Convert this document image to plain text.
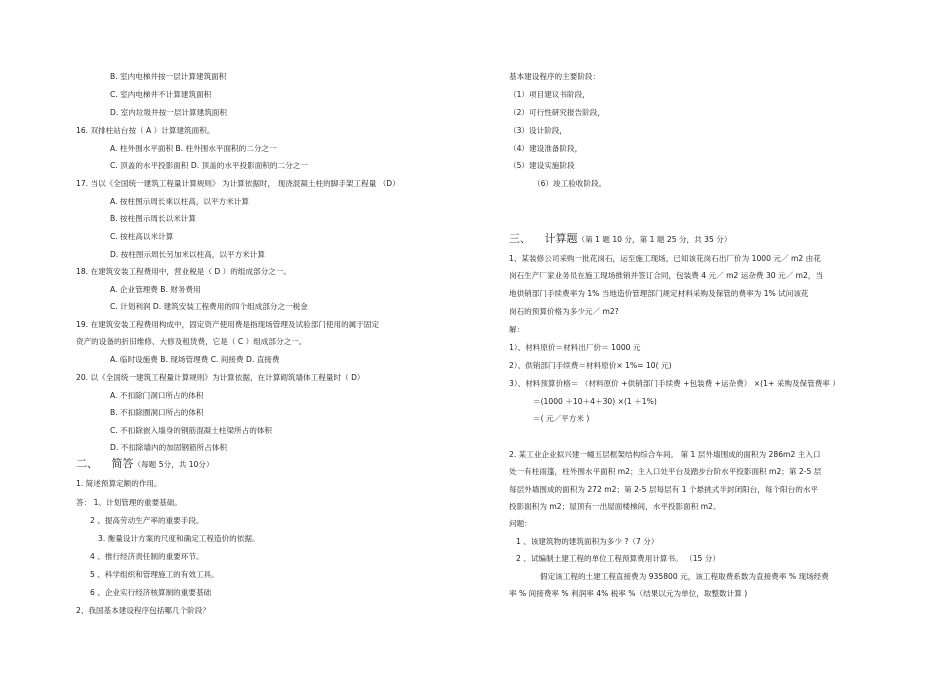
B. 室内电梯井按一层计算建筑面积
C. 室内电梯井不计算建筑面积
D. 室内垃圾井按一层计算建筑面积
16. 双排柱站台按（ A ）计算建筑面积。
A. 柱外围水平面积 B. 柱外围水平面积的二分之一
C. 顶盖的水平投影面积 D. 顶盖的水平投影面积的二分之一
17. 当以《全国统一建筑工程量计算规则》 为计算依据时， 现浇混凝土柱的脚手架工程量 （D）
A. 按柱图示周长乘以柱高，以平方米计算
B. 按柱图示周长以米计算
C. 按柱高以米计算
D. 按柱图示周长另加米以柱高，以平方米计算
18. 在建筑安装工程费用中，营业税是（ D ）的组成部分之一。
A. 企业管理费 B. 财务费用
C. 计划利润 D. 建筑安装工程费用的四个组成部分之一税金
19. 在建筑安装工程费用构成中，固定资产使用费是指现场管理及试验部门使用的属于固定
资产的设备的折旧维修、大修及租赁费，它是（ C ）组成部分之一。
A. 临时设施费 B. 现场管理费 C. 间接费 D. 直接费
20. 以《全国统一建筑工程量计算规则》为计算依据，在计算砌筑墙体工程量时（ D）
A. 不扣除门洞口所占的体积
B. 不扣除圈洞口所占的体积
C. 不扣除嵌入墙身的钢筋混凝土柱梁所占的体积
D. 不扣除墙内的加固钢筋所占体积
1. 简述预算定额的作用。
答： 1、计划管理的重要基础。
2 、提高劳动生产率的重要手段。
3. 衡量设计方案的尺度和确定工程造价的依据。
4 、推行经济责任制的重要环节。
5 、科学组织和管理施工的有效工具。
6 、企业实行经济核算制的重要基础
2、我国基本建设程序包括哪几个阶段？
二、 简答（每题 5分，共 10分）
基本建设程序的主要阶段：
（1）项目建议书阶段，
（2）可行性研究报告阶段，
（3）设计阶段，
（4）建设准备阶段，
（5）建设实施阶段
（6）竣工验收阶段。
1、某装修公司采购一批花岗石，运至施工现场，已知该花岗石出厂价为 1000 元／ m2 由花
岗石生产厂家业务员在施工现场推销并签订合同，包装费 4 元／ m2 运杂费 30 元／ m2，当
地供销部门手续费率为 1% 当地造价管理部门规定材料采购及保管的费率为 1% 试问该花
岗石的预算价格为多少元／ m2?
解：
1）、材料原价＝材料出厂价＝ 1000 元
2）、供销部门手续费＝材料原价× 1%= 10( 元)
3）、材料预算价格＝ （材料原价 +供销部门手续费 +包装费 +运杂费） ×(1+ 采购及保管费率 ）
＝(1000 ＋10＋4＋30) ×(1 ＋1%)
＝( 元／平方米 )
2. 某工业企业拟兴建一幢五层框架结构综合车间。 第 1 层外墙围成的面积为 286m2 主入口
处一有柱雨篷，柱外围水平面积 m2；主入口处平台及踏步台阶水平投影面积 m2；第 2-5 层
每层外墙围成的面积为 272 m2；第 2-5 层每层有 1 个悬挑式半封闭阳台，每个阳台的水平
投影面积为 m2；屋顶有一出屋面楼梯间，水平投影面积 m2。
问题：
1 、该建筑物的建筑面积为多少 ?（7 分）
2 、试编制土建工程的单位工程预算费用计算书。 （15 分）
假定该工程的土建工程直接费为 935800 元，该工程取费系数为直接费率 % 现场经费
率 % 间接费率 % 利润率 4% 税率 %（结果以元为单位，取整数计算 )
三、 计算题（第 1 题 10 分，第 1 题 25 分，共 35 分）
